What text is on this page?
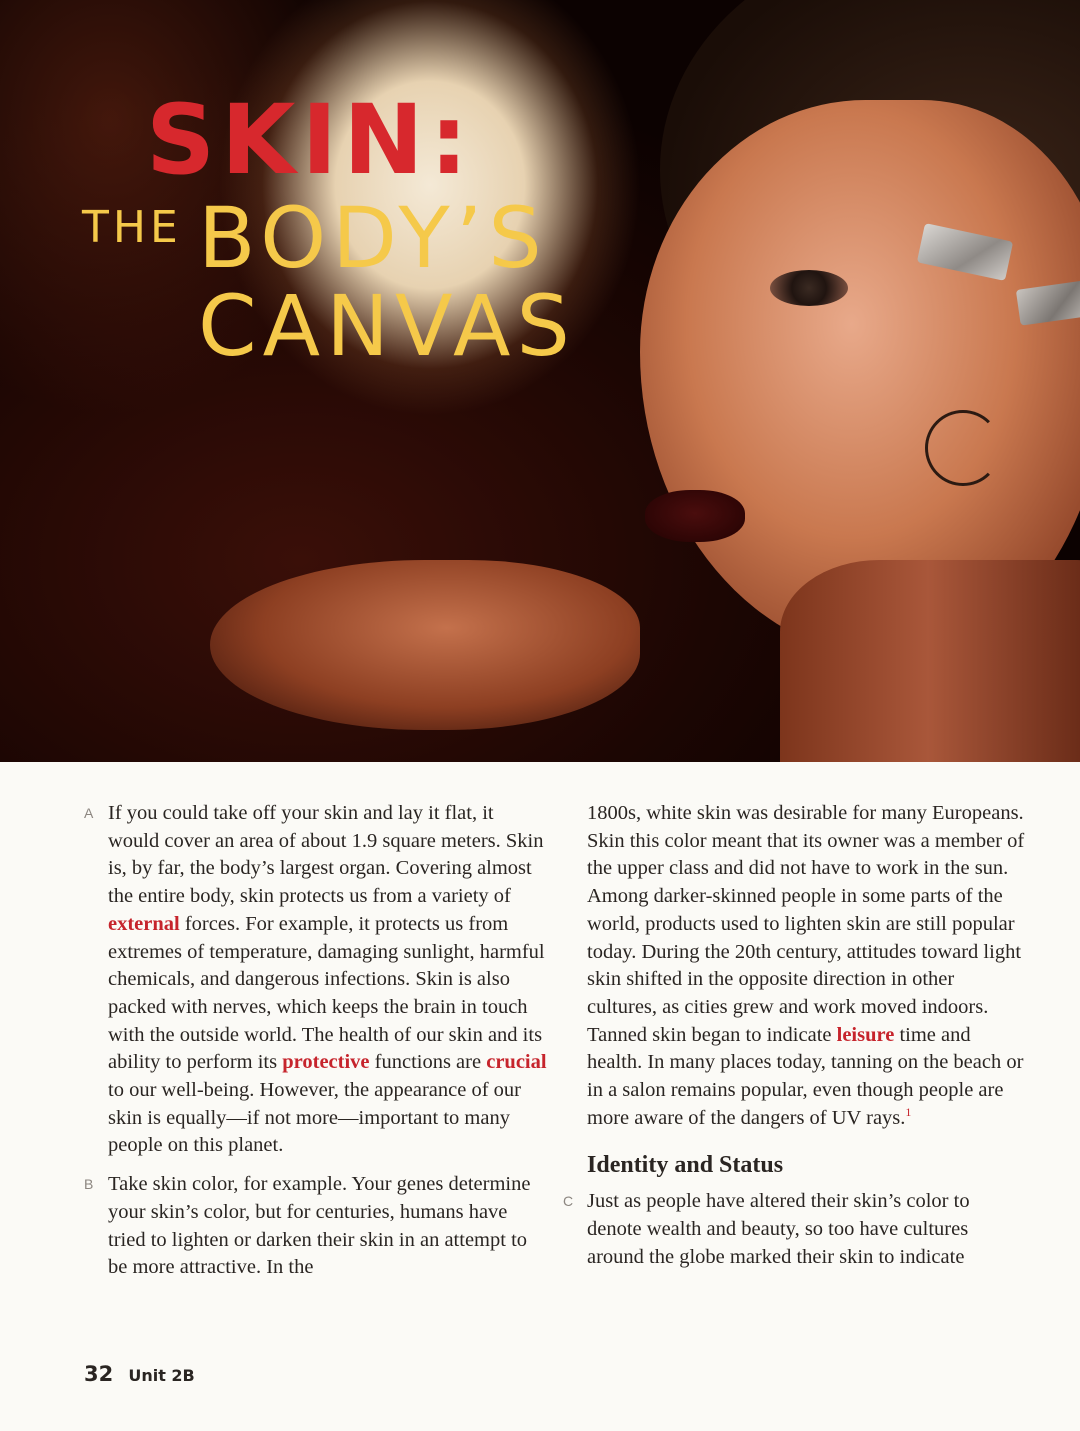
SKIN:
THE BODY’S
CANVAS

A If you could take off your skin and lay it flat, it would cover an area of about 1.9 square meters. Skin is, by far, the body’s largest organ. Covering almost the entire body, skin protects us from a variety of external forces. For example, it protects us from extremes of temperature, damaging sunlight, harmful chemicals, and dangerous infections. Skin is also packed with nerves, which keeps the brain in touch with the outside world. The health of our skin and its ability to perform its protective functions are crucial to our well-being. However, the appearance of our skin is equally—if not more—important to many people on this planet.

B Take skin color, for example. Your genes determine your skin’s color, but for centuries, humans have tried to lighten or darken their skin in an attempt to be more attractive. In the

1800s, white skin was desirable for many Europeans. Skin this color meant that its owner was a member of the upper class and did not have to work in the sun. Among darker-skinned people in some parts of the world, products used to lighten skin are still popular today. During the 20th century, attitudes toward light skin shifted in the opposite direction in other cultures, as cities grew and work moved indoors. Tanned skin began to indicate leisure time and health. In many places today, tanning on the beach or in a salon remains popular, even though people are more aware of the dangers of UV rays.$^1$

Identity and Status

C Just as people have altered their skin’s color to denote wealth and beauty, so too have cultures around the globe marked their skin to indicate

32 Unit 2B
